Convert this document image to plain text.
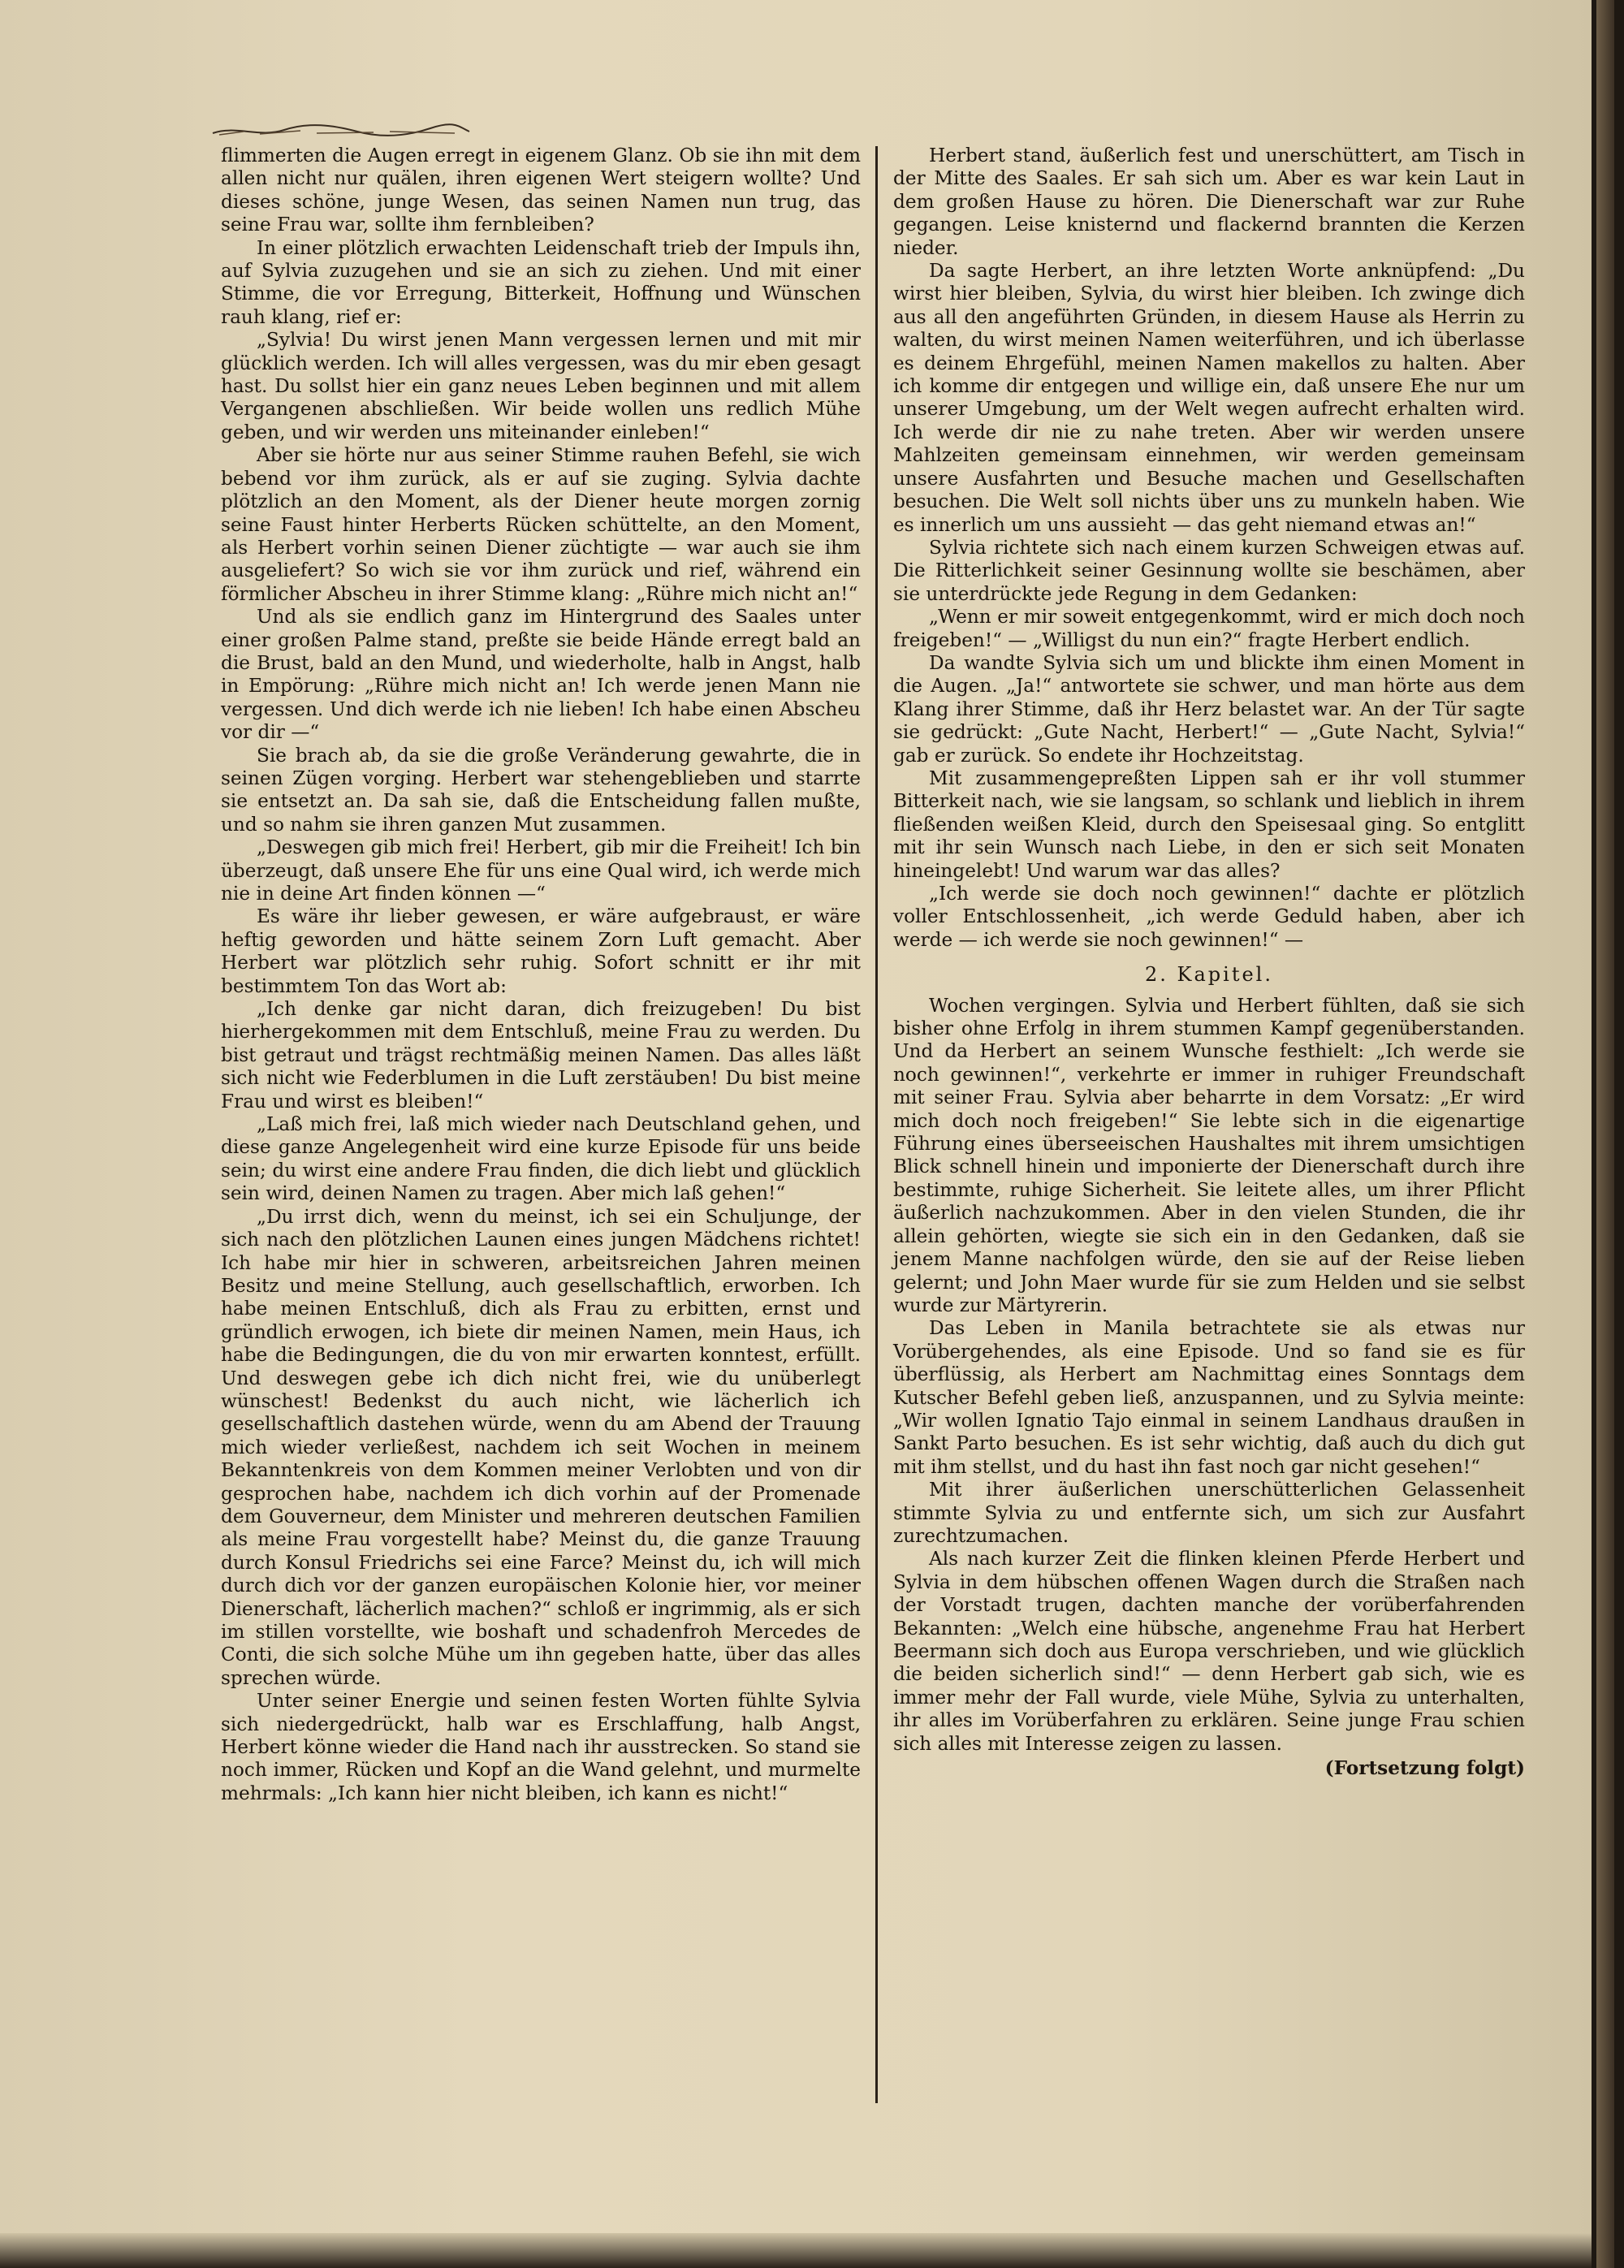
flimmerten die Augen erregt in eigenem Glanz. Ob sie ihn mit dem allen nicht nur quälen, ihren eigenen Wert steigern wollte? Und dieses schöne, junge Wesen, das seinen Namen nun trug, das seine Frau war, sollte ihm fernbleiben?

In einer plötzlich erwachten Leidenschaft trieb der Impuls ihn, auf Sylvia zuzugehen und sie an sich zu ziehen. Und mit einer Stimme, die vor Erregung, Bitterkeit, Hoffnung und Wünschen rauh klang, rief er:

„Sylvia! Du wirst jenen Mann vergessen lernen und mit mir glücklich werden. Ich will alles vergessen, was du mir eben gesagt hast. Du sollst hier ein ganz neues Leben beginnen und mit allem Vergangenen abschließen. Wir beide wollen uns redlich Mühe geben, und wir werden uns miteinander einleben!“

Aber sie hörte nur aus seiner Stimme rauhen Befehl, sie wich bebend vor ihm zurück, als er auf sie zuging. Sylvia dachte plötzlich an den Moment, als der Diener heute morgen zornig seine Faust hinter Herberts Rücken schüttelte, an den Moment, als Herbert vorhin seinen Diener züchtigte — war auch sie ihm ausgeliefert? So wich sie vor ihm zurück und rief, während ein förmlicher Abscheu in ihrer Stimme klang: „Rühre mich nicht an!“

Und als sie endlich ganz im Hintergrund des Saales unter einer großen Palme stand, preßte sie beide Hände erregt bald an die Brust, bald an den Mund, und wiederholte, halb in Angst, halb in Empörung: „Rühre mich nicht an! Ich werde jenen Mann nie vergessen. Und dich werde ich nie lieben! Ich habe einen Abscheu vor dir —“

Sie brach ab, da sie die große Veränderung gewahrte, die in seinen Zügen vorging. Herbert war stehengeblieben und starrte sie entsetzt an. Da sah sie, daß die Entscheidung fallen mußte, und so nahm sie ihren ganzen Mut zusammen.

„Deswegen gib mich frei! Herbert, gib mir die Freiheit! Ich bin überzeugt, daß unsere Ehe für uns eine Qual wird, ich werde mich nie in deine Art finden können —“

Es wäre ihr lieber gewesen, er wäre aufgebraust, er wäre heftig geworden und hätte seinem Zorn Luft gemacht. Aber Herbert war plötzlich sehr ruhig. Sofort schnitt er ihr mit bestimmtem Ton das Wort ab:

„Ich denke gar nicht daran, dich freizugeben! Du bist hierhergekommen mit dem Entschluß, meine Frau zu werden. Du bist getraut und trägst rechtmäßig meinen Namen. Das alles läßt sich nicht wie Federblumen in die Luft zerstäuben! Du bist meine Frau und wirst es bleiben!“

„Laß mich frei, laß mich wieder nach Deutschland gehen, und diese ganze Angelegenheit wird eine kurze Episode für uns beide sein; du wirst eine andere Frau finden, die dich liebt und glücklich sein wird, deinen Namen zu tragen. Aber mich laß gehen!“

„Du irrst dich, wenn du meinst, ich sei ein Schuljunge, der sich nach den plötzlichen Launen eines jungen Mädchens richtet! Ich habe mir hier in schweren, arbeitsreichen Jahren meinen Besitz und meine Stellung, auch gesellschaftlich, erworben. Ich habe meinen Entschluß, dich als Frau zu erbitten, ernst und gründlich erwogen, ich biete dir meinen Namen, mein Haus, ich habe die Bedingungen, die du von mir erwarten konntest, erfüllt. Und deswegen gebe ich dich nicht frei, wie du unüberlegt wünschest! Bedenkst du auch nicht, wie lächerlich ich gesellschaftlich dastehen würde, wenn du am Abend der Trauung mich wieder verließest, nachdem ich seit Wochen in meinem Bekanntenkreis von dem Kommen meiner Verlobten und von dir gesprochen habe, nachdem ich dich vorhin auf der Promenade dem Gouverneur, dem Minister und mehreren deutschen Familien als meine Frau vorgestellt habe? Meinst du, die ganze Trauung durch Konsul Friedrichs sei eine Farce? Meinst du, ich will mich durch dich vor der ganzen europäischen Kolonie hier, vor meiner Dienerschaft, lächerlich machen?“ schloß er ingrimmig, als er sich im stillen vorstellte, wie boshaft und schadenfroh Mercedes de Conti, die sich solche Mühe um ihn gegeben hatte, über das alles sprechen würde.

Unter seiner Energie und seinen festen Worten fühlte Sylvia sich niedergedrückt, halb war es Erschlaffung, halb Angst, Herbert könne wieder die Hand nach ihr ausstrecken. So stand sie noch immer, Rücken und Kopf an die Wand gelehnt, und murmelte mehrmals: „Ich kann hier nicht bleiben, ich kann es nicht!“

Herbert stand, äußerlich fest und unerschüttert, am Tisch in der Mitte des Saales. Er sah sich um. Aber es war kein Laut in dem großen Hause zu hören. Die Dienerschaft war zur Ruhe gegangen. Leise knisternd und flackernd brannten die Kerzen nieder.

Da sagte Herbert, an ihre letzten Worte anknüpfend: „Du wirst hier bleiben, Sylvia, du wirst hier bleiben. Ich zwinge dich aus all den angeführten Gründen, in diesem Hause als Herrin zu walten, du wirst meinen Namen weiterführen, und ich überlasse es deinem Ehrgefühl, meinen Namen makellos zu halten. Aber ich komme dir entgegen und willige ein, daß unsere Ehe nur um unserer Umgebung, um der Welt wegen aufrecht erhalten wird. Ich werde dir nie zu nahe treten. Aber wir werden unsere Mahlzeiten gemeinsam einnehmen, wir werden gemeinsam unsere Ausfahrten und Besuche machen und Gesellschaften besuchen. Die Welt soll nichts über uns zu munkeln haben. Wie es innerlich um uns aussieht — das geht niemand etwas an!“

Sylvia richtete sich nach einem kurzen Schweigen etwas auf. Die Ritterlichkeit seiner Gesinnung wollte sie beschämen, aber sie unterdrückte jede Regung in dem Gedanken:

„Wenn er mir soweit entgegenkommt, wird er mich doch noch freigeben!“ — „Willigst du nun ein?“ fragte Herbert endlich.

Da wandte Sylvia sich um und blickte ihm einen Moment in die Augen. „Ja!“ antwortete sie schwer, und man hörte aus dem Klang ihrer Stimme, daß ihr Herz belastet war. An der Tür sagte sie gedrückt: „Gute Nacht, Herbert!“ — „Gute Nacht, Sylvia!“ gab er zurück. So endete ihr Hochzeitstag.

Mit zusammengepreßten Lippen sah er ihr voll stummer Bitterkeit nach, wie sie langsam, so schlank und lieblich in ihrem fließenden weißen Kleid, durch den Speisesaal ging. So entglitt mit ihr sein Wunsch nach Liebe, in den er sich seit Monaten hineingelebt! Und warum war das alles?

„Ich werde sie doch noch gewinnen!“ dachte er plötzlich voller Entschlossenheit, „ich werde Geduld haben, aber ich werde — ich werde sie noch gewinnen!“ —

2. Kapitel.

Wochen vergingen. Sylvia und Herbert fühlten, daß sie sich bisher ohne Erfolg in ihrem stummen Kampf gegenüberstanden. Und da Herbert an seinem Wunsche festhielt: „Ich werde sie noch gewinnen!“, verkehrte er immer in ruhiger Freundschaft mit seiner Frau. Sylvia aber beharrte in dem Vorsatz: „Er wird mich doch noch freigeben!“ Sie lebte sich in die eigenartige Führung eines überseeischen Haushaltes mit ihrem umsichtigen Blick schnell hinein und imponierte der Dienerschaft durch ihre bestimmte, ruhige Sicherheit. Sie leitete alles, um ihrer Pflicht äußerlich nachzukommen. Aber in den vielen Stunden, die ihr allein gehörten, wiegte sie sich ein in den Gedanken, daß sie jenem Manne nachfolgen würde, den sie auf der Reise lieben gelernt; und John Maer wurde für sie zum Helden und sie selbst wurde zur Märtyrerin.

Das Leben in Manila betrachtete sie als etwas nur Vorübergehendes, als eine Episode. Und so fand sie es für überflüssig, als Herbert am Nachmittag eines Sonntags dem Kutscher Befehl geben ließ, anzuspannen, und zu Sylvia meinte: „Wir wollen Ignatio Tajo einmal in seinem Landhaus draußen in Sankt Parto besuchen. Es ist sehr wichtig, daß auch du dich gut mit ihm stellst, und du hast ihn fast noch gar nicht gesehen!“

Mit ihrer äußerlichen unerschütterlichen Gelassenheit stimmte Sylvia zu und entfernte sich, um sich zur Ausfahrt zurechtzumachen.

Als nach kurzer Zeit die flinken kleinen Pferde Herbert und Sylvia in dem hübschen offenen Wagen durch die Straßen nach der Vorstadt trugen, dachten manche der vorüberfahrenden Bekannten: „Welch eine hübsche, angenehme Frau hat Herbert Beermann sich doch aus Europa verschrieben, und wie glücklich die beiden sicherlich sind!“ — denn Herbert gab sich, wie es immer mehr der Fall wurde, viele Mühe, Sylvia zu unterhalten, ihr alles im Vorüberfahren zu erklären. Seine junge Frau schien sich alles mit Interesse zeigen zu lassen.

(Fortsetzung folgt)
